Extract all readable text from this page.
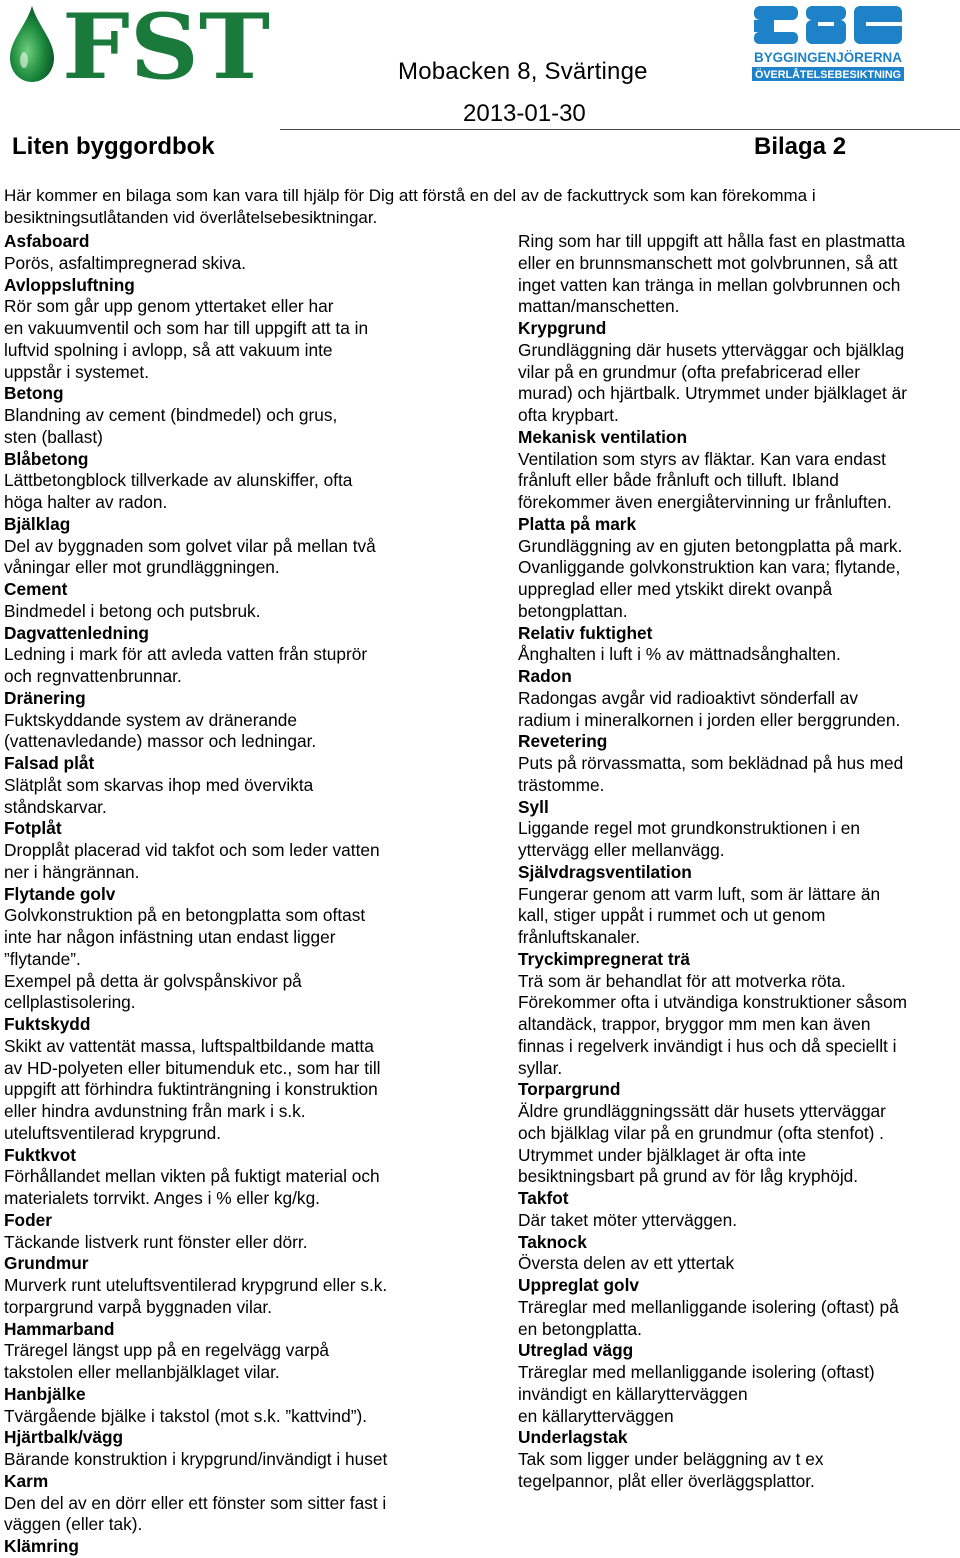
FST	BYGGINGENJÖRERNA
ÖVERLÅTELSEBESIKTNING
Mobacken 8, Svärtinge
2013-01-30
Liten byggordbok	Bilaga 2
Här kommer en bilaga som kan vara till hjälp för Dig att förstå en del av de fackuttryck som kan förekomma i
besiktningsutlåtanden vid överlåtelsebesiktningar.

Asfaboard

Porös, asfaltimpregnerad skiva.

Avloppsluftning

Rör som går upp genom yttertaket eller har

en vakuumventil och som har till uppgift att ta in

luftvid spolning i avlopp, så att vakuum inte

uppstår i systemet.

Betong

Blandning av cement (bindmedel) och grus,

sten (ballast)

Blåbetong

Lättbetongblock tillverkade av alunskiffer, ofta

höga halter av radon.

Bjälklag

Del av byggnaden som golvet vilar på mellan två

våningar eller mot grundläggningen.

Cement

Bindmedel i betong och putsbruk.

Dagvattenledning

Ledning i mark för att avleda vatten från stuprör

och regnvattenbrunnar.

Dränering

Fuktskyddande system av dränerande

(vattenavledande) massor och ledningar.

Falsad plåt

Slätplåt som skarvas ihop med övervikta

ståndskarvar.

Fotplåt

Dropplåt placerad vid takfot och som leder vatten

ner i hängrännan.

Flytande golv

Golvkonstruktion på en betongplatta som oftast

inte har någon infästning utan endast ligger

”flytande”.

Exempel på detta är golvspånskivor på

cellplastisolering.

Fuktskydd

Skikt av vattentät massa, luftspaltbildande matta

av HD-polyeten eller bitumenduk etc., som har till

uppgift att förhindra fuktinträngning i konstruktion

eller hindra avdunstning från mark i s.k.

uteluftsventilerad krypgrund.

Fuktkvot

Förhållandet mellan vikten på fuktigt material och

materialets torrvikt. Anges i % eller kg/kg.

Foder

Täckande listverk runt fönster eller dörr.

Grundmur

Murverk runt uteluftsventilerad krypgrund eller s.k.

torpargrund varpå byggnaden vilar.

Hammarband

Träregel längst upp på en regelvägg varpå

takstolen eller mellanbjälklaget vilar.

Hanbjälke

Tvärgående bjälke i takstol (mot s.k. ”kattvind”).

Hjärtbalk/vägg

Bärande konstruktion i krypgrund/invändigt i huset

Karm

Den del av en dörr eller ett fönster som sitter fast i

väggen (eller tak).

Klämring

Ring som har till uppgift att hålla fast en plastmatta

eller en brunnsmanschett mot golvbrunnen, så att

inget vatten kan tränga in mellan golvbrunnen och

mattan/manschetten.

Krypgrund

Grundläggning där husets ytterväggar och bjälklag

vilar på en grundmur (ofta prefabricerad eller

murad) och hjärtbalk. Utrymmet under bjälklaget är

ofta krypbart.

Mekanisk ventilation

Ventilation som styrs av fläktar. Kan vara endast

frånluft eller både frånluft och tilluft. Ibland

förekommer även energiåtervinning ur frånluften.

Platta på mark

Grundläggning av en gjuten betongplatta på mark.

Ovanliggande golvkonstruktion kan vara; flytande,

uppreglad eller med ytskikt direkt ovanpå

betongplattan.

Relativ fuktighet

Ånghalten i luft i % av mättnadsånghalten.

Radon

Radongas avgår vid radioaktivt sönderfall av

radium i mineralkornen i jorden eller berggrunden.

Revetering

Puts på rörvassmatta, som beklädnad på hus med

trästomme.

Syll

Liggande regel mot grundkonstruktionen i en

yttervägg eller mellanvägg.

Självdragsventilation

Fungerar genom att varm luft, som är lättare än

kall, stiger uppåt i rummet och ut genom

frånluftskanaler.

Tryckimpregnerat trä

Trä som är behandlat för att motverka röta.

Förekommer ofta i utvändiga konstruktioner såsom

altandäck, trappor, bryggor mm men kan även

finnas i regelverk invändigt i hus och då speciellt i

syllar.

Torpargrund

Äldre grundläggningssätt där husets ytterväggar

och bjälklag vilar på en grundmur (ofta stenfot) .

Utrymmet under bjälklaget är ofta inte

besiktningsbart på grund av för låg kryphöjd.

Takfot

Där taket möter ytterväggen.

Taknock

Översta delen av ett yttertak

Uppreglat golv

Träreglar med mellanliggande isolering (oftast) på

en betongplatta.

Utreglad vägg

Träreglar med mellanliggande isolering (oftast)

invändigt en källarytterväggen

en källarytterväggen

Underlagstak

Tak som ligger under beläggning av t ex

tegelpannor, plåt eller överläggsplattor.
